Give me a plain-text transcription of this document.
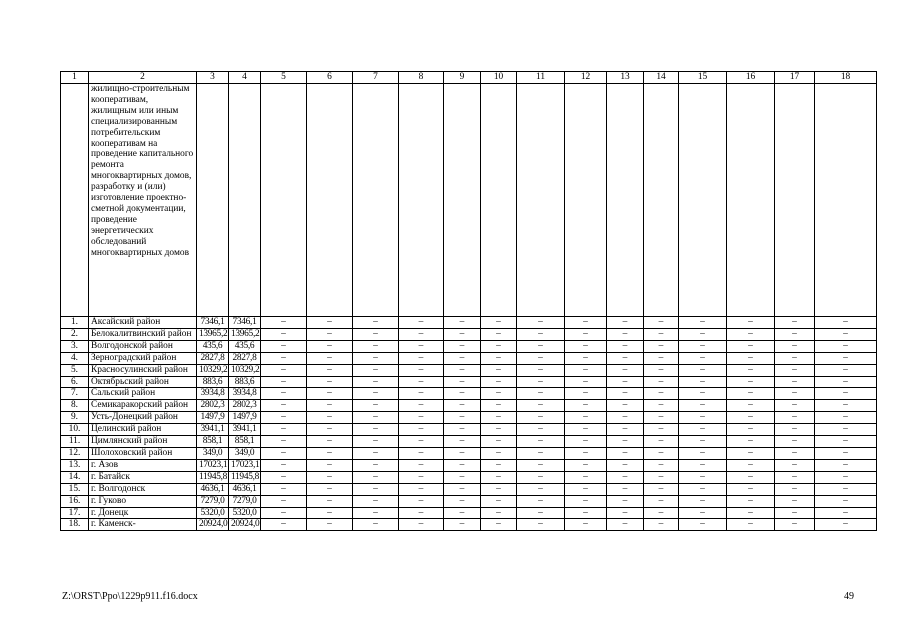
1	2	3	4	5	6	7	8	9	10	11	12	13	14	15	16	17	18
	жилищно-строительным кооперативам, жилищным или иным специализированным потребительским кооперативам на проведение капитального ремонта многоквартирных домов, разработку и (или) изготовление проектно-сметной документации, проведение энергетических обследований многоквартирных домов																
1.	Аксайский район	7346,1	7346,1	–	–	–	–	–	–	–	–	–	–	–	–	–	–
2.	Белокалитвинский район	13965,2	13965,2	–	–	–	–	–	–	–	–	–	–	–	–	–	–
3.	Волгодонской район	435,6	435,6	–	–	–	–	–	–	–	–	–	–	–	–	–	–
4.	Зерноградский район	2827,8	2827,8	–	–	–	–	–	–	–	–	–	–	–	–	–	–
5.	Красносулинский район	10329,2	10329,2	–	–	–	–	–	–	–	–	–	–	–	–	–	–
6.	Октябрьский район	883,6	883,6	–	–	–	–	–	–	–	–	–	–	–	–	–	–
7.	Сальский район	3934,8	3934,8	–	–	–	–	–	–	–	–	–	–	–	–	–	–
8.	Семикаракорский район	2802,3	2802,3	–	–	–	–	–	–	–	–	–	–	–	–	–	–
9.	Усть-Донецкий район	1497,9	1497,9	–	–	–	–	–	–	–	–	–	–	–	–	–	–
10.	Целинский район	3941,1	3941,1	–	–	–	–	–	–	–	–	–	–	–	–	–	–
11.	Цимлянский район	858,1	858,1	–	–	–	–	–	–	–	–	–	–	–	–	–	–
12.	Шолоховский район	349,0	349,0	–	–	–	–	–	–	–	–	–	–	–	–	–	–
13.	г. Азов	17023,1	17023,1	–	–	–	–	–	–	–	–	–	–	–	–	–	–
14.	г. Батайск	11945,8	11945,8	–	–	–	–	–	–	–	–	–	–	–	–	–	–
15.	г. Волгодонск	4636,1	4636,1	–	–	–	–	–	–	–	–	–	–	–	–	–	–
16.	г. Гуково	7279,0	7279,0	–	–	–	–	–	–	–	–	–	–	–	–	–	–
17.	г. Донецк	5320,0	5320,0	–	–	–	–	–	–	–	–	–	–	–	–	–	–
18.	г. Каменск-	20924,0	20924,0	–	–	–	–	–	–	–	–	–	–	–	–	–	–
Z:\ORST\Ppo\1229p911.f16.docx	49
